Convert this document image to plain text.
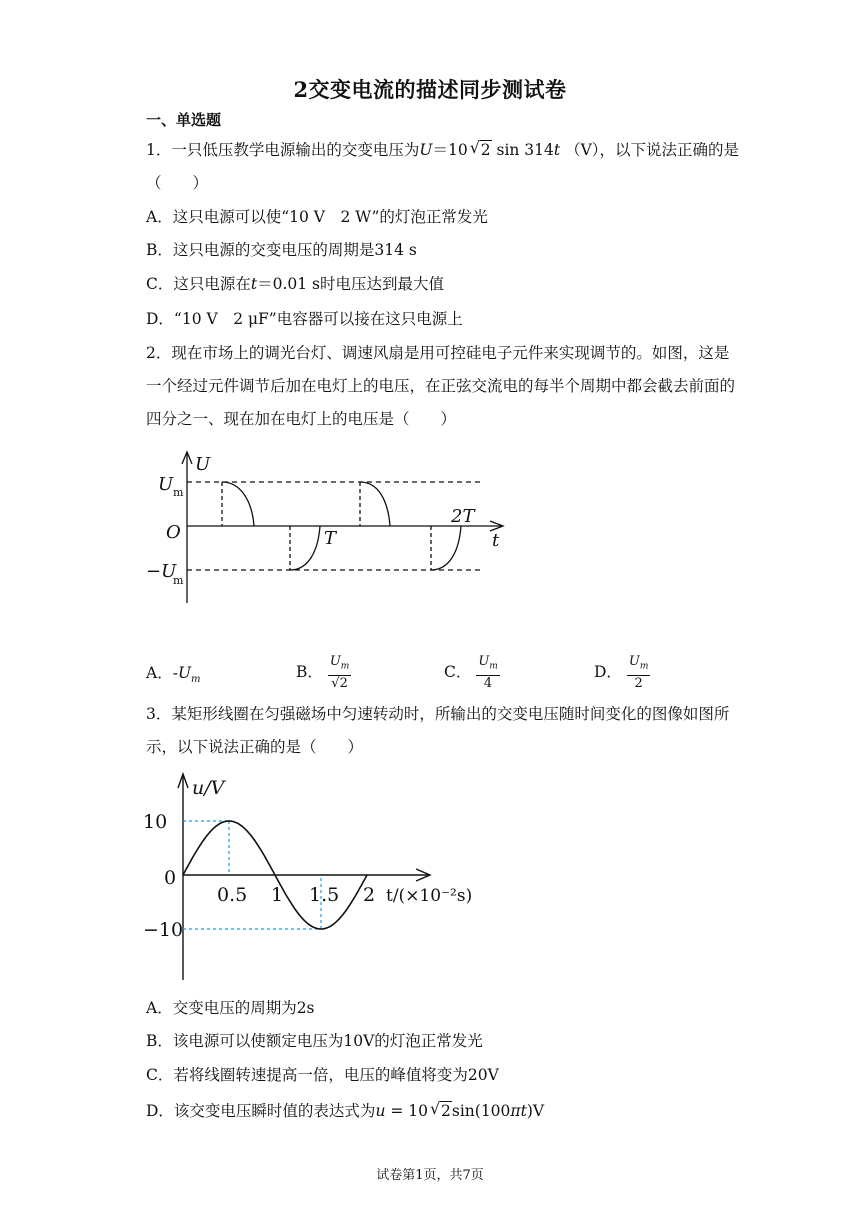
2交变电流的描述同步测试卷
一、单选题
1．一只低压教学电源输出的交变电压为U＝10 √ 2 sin 314t （V），以下说法正确的是
（　　）
A．这只电源可以使“10 V　2 W”的灯泡正常发光
B．这只电源的交变电压的周期是314 s
C．这只电源在t＝0.01 s时电压达到最大值
D．“10 V　2 μF”电容器可以接在这只电源上
2．现在市场上的调光台灯、调速风扇是用可控硅电子元件来实现调节的。如图，这是
一个经过元件调节后加在电灯上的电压，在正弦交流电的每半个周期中都会截去前面的
四分之一、现在加在电灯上的电压是（　　）
U
t
O
U m
−U
m
T
2T
A．$-U_m$	B． $\frac{U_m}{√2}$	C． $\frac{U_m}{4}$	D． $\frac{U_m}{2}$
3．某矩形线圈在匀强磁场中匀速转动时，所输出的交变电压随时间变化的图像如图所
示，以下说法正确的是（　　）
0.5 1 1.5 2
10
−10
u/V
t/(×10⁻²s)
0
A．交变电压的周期为2s
B．该电源可以使额定电压为10V的灯泡正常发光
C．若将线圈转速提高一倍，电压的峰值将变为20V
D．该交变电压瞬时值的表达式为u = 10 √ 2sin(100πt)V
试卷第1页，共7页
